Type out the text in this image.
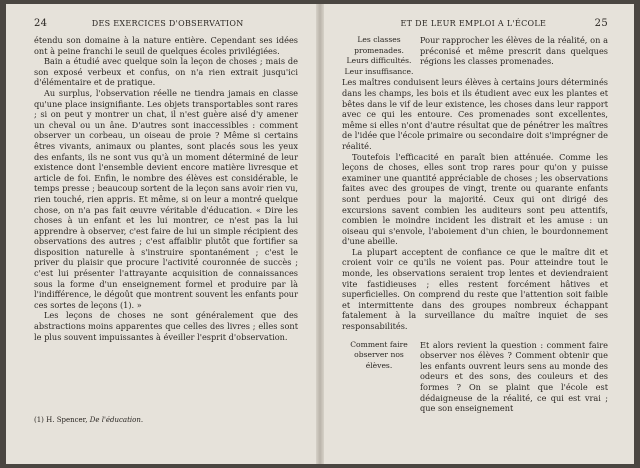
24	DES EXERCICES D'OBSERVATION

étendu son domaine à la nature entière. Cependant ses idées ont à peine franchi le seuil de quelques écoles privilégiées.

Bain a étudié avec quelque soin la leçon de choses ; mais de son exposé verbeux et confus, on n'a rien extrait jusqu'ici d'élémentaire et de pratique.

Au surplus, l'observation réelle ne tiendra jamais en classe qu'une place insignifiante. Les objets transportables sont rares ; si on peut y montrer un chat, il n'est guère aisé d'y amener un cheval ou un âne. D'autres sont inaccessibles : comment observer un corbeau, un oiseau de proie ? Même si certains êtres vivants, animaux ou plantes, sont placés sous les yeux des enfants, ils ne sont vus qu'à un moment déterminé de leur existence dont l'ensemble devient encore matière livresque et article de foi. Enfin, le nombre des élèves est considérable, le temps presse ; beaucoup sortent de la leçon sans avoir rien vu, rien touché, rien appris. Et même, si on leur a montré quelque chose, on n'a pas fait œuvre véritable d'éducation. « Dire les choses à un enfant et les lui montrer, ce n'est pas la lui apprendre à observer, c'est faire de lui un simple récipient des observations des autres ; c'est affaiblir plutôt que fortifier sa disposition naturelle à s'instruire spontanément ; c'est le priver du plaisir que procure l'activité couronnée de succès ; c'est lui présenter l'attrayante acquisition de connaissances sous la forme d'un enseignement formel et produire par là l'indifférence, le dégoût que montrent souvent les enfants pour ces sortes de leçons (1). »

Les leçons de choses ne sont généralement que des abstractions moins apparentes que celles des livres ; elles sont le plus souvent impuissantes à éveiller l'esprit d'observation.

(1) H. Spencer, De l'éducation.
ET DE LEUR EMPLOI A L'ÉCOLE	25
Les classes
promenades.
Leurs difficultés.
Leur insuffisance.

Pour rapprocher les élèves de la réalité, on a préconisé et même prescrit dans quelques régions les classes promenades.

Les maîtres conduisent leurs élèves à certains jours déterminés dans les champs, les bois et ils étudient avec eux les plantes et bêtes dans le vif de leur existence, les choses dans leur rapport avec ce qui les entoure. Ces promenades sont excellentes, même si elles n'ont d'autre résultat que de pénétrer les maîtres de l'idée que l'école primaire ou secondaire doit s'imprégner de réalité.

Toutefois l'efficacité en paraît bien atténuée. Comme les leçons de choses, elles sont trop rares pour qu'on y puisse examiner une quantité appréciable de choses ; les observations faites avec des groupes de vingt, trente ou quarante enfants sont perdues pour la majorité. Ceux qui ont dirigé des excursions savent combien les auditeurs sont peu attentifs, combien le moindre incident les distrait et les amuse : un oiseau qui s'envole, l'aboiement d'un chien, le bourdonnement d'une abeille.

La plupart acceptent de confiance ce que le maître dit et croient voir ce qu'ils ne voient pas. Pour atteindre tout le monde, les observations seraient trop lentes et deviendraient vite fastidieuses ; elles restent forcément hâtives et superficielles. On comprend du reste que l'attention soit faible et intermittente dans des groupes nombreux échappant fatalement à la surveillance du maître inquiet de ses responsabilités.

Comment faire
observer nos
élèves.

Et alors revient la question : comment faire observer nos élèves ? Comment obtenir que les enfants ouvrent leurs sens au monde des odeurs et des sons, des couleurs et des formes ? On se plaint que l'école est dédaigneuse de la réalité, ce qui est vrai ; que son enseignement
